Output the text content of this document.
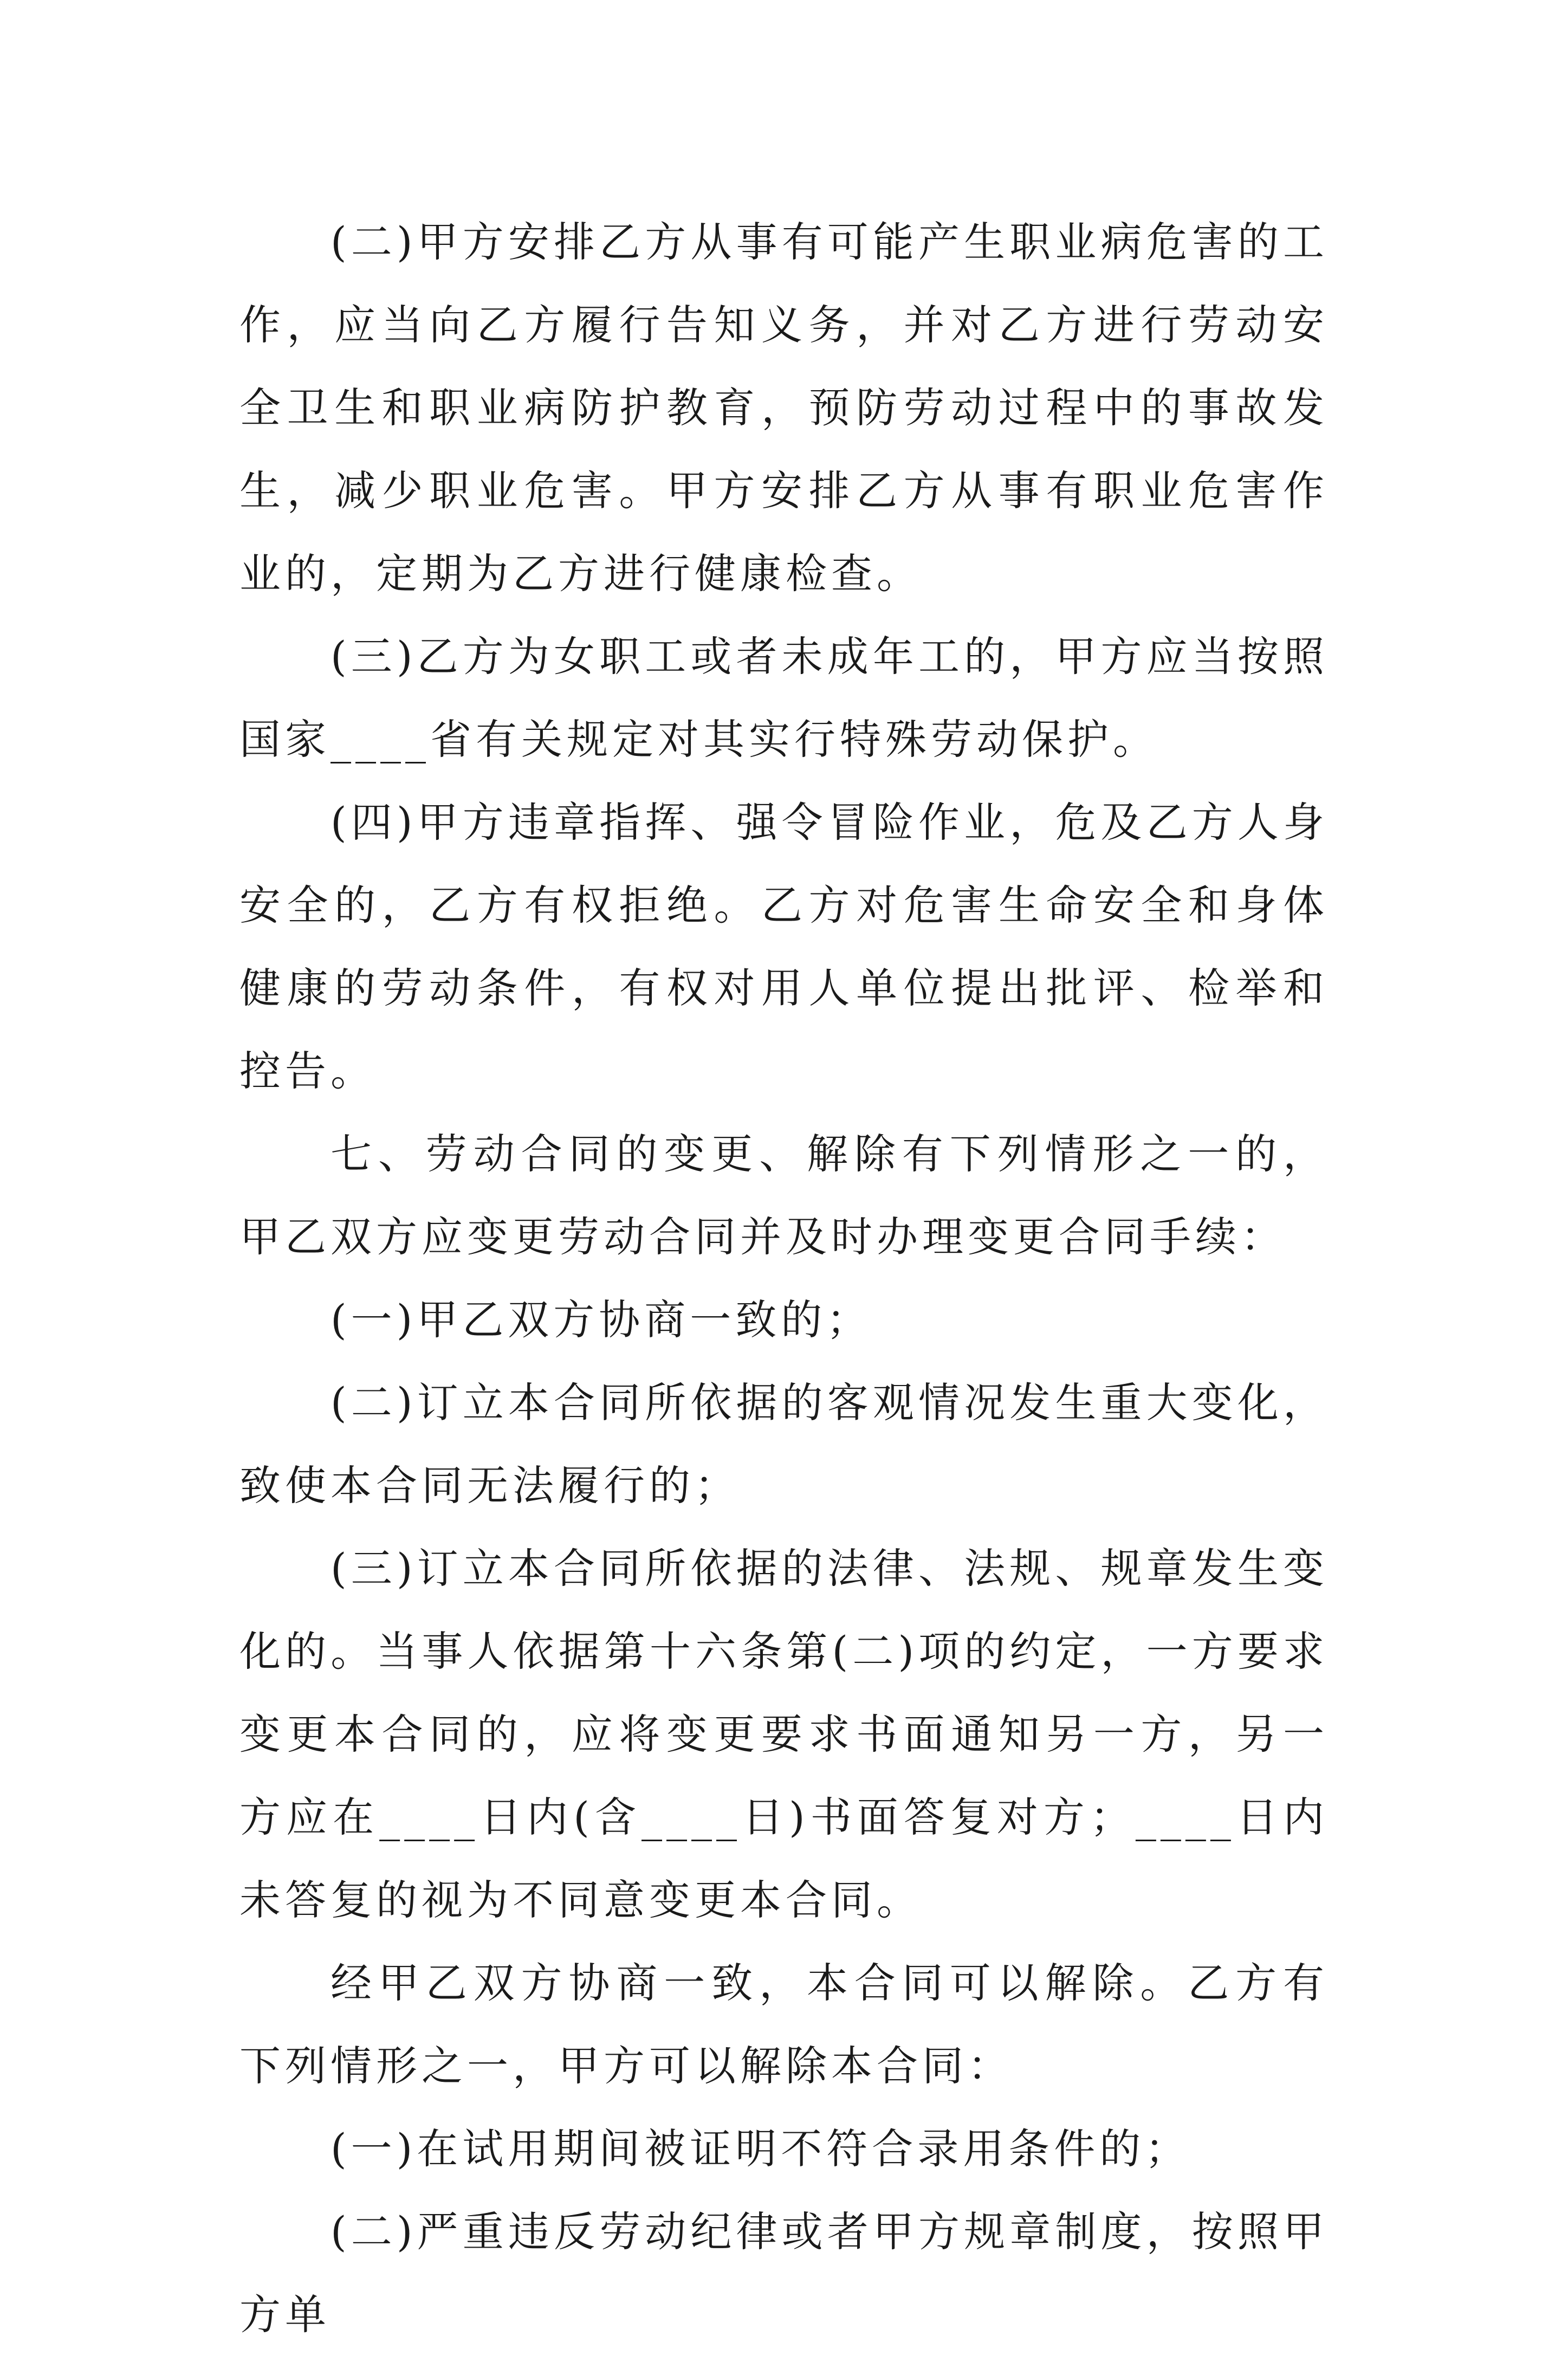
(二)甲方安排乙方从事有可能产生职业病危害的工作，应当向乙方履行告知义务，并对乙方进行劳动安全卫生和职业病防护教育，预防劳动过程中的事故发生，减少职业危害。甲方安排乙方从事有职业危害作业的，定期为乙方进行健康检查。

(三)乙方为女职工或者未成年工的，甲方应当按照国家____省有关规定对其实行特殊劳动保护。

(四)甲方违章指挥、强令冒险作业，危及乙方人身安全的，乙方有权拒绝。乙方对危害生命安全和身体健康的劳动条件，有权对用人单位提出批评、检举和控告。

七、劳动合同的变更、解除有下列情形之一的，甲乙双方应变更劳动合同并及时办理变更合同手续：

(一)甲乙双方协商一致的；

(二)订立本合同所依据的客观情况发生重大变化，致使本合同无法履行的；

(三)订立本合同所依据的法律、法规、规章发生变化的。当事人依据第十六条第(二)项的约定，一方要求变更本合同的，应将变更要求书面通知另一方，另一方应在____日内(含____日)书面答复对方；____日内未答复的视为不同意变更本合同。

经甲乙双方协商一致，本合同可以解除。乙方有下列情形之一，甲方可以解除本合同：

(一)在试用期间被证明不符合录用条件的；

(二)严重违反劳动纪律或者甲方规章制度，按照甲方单
